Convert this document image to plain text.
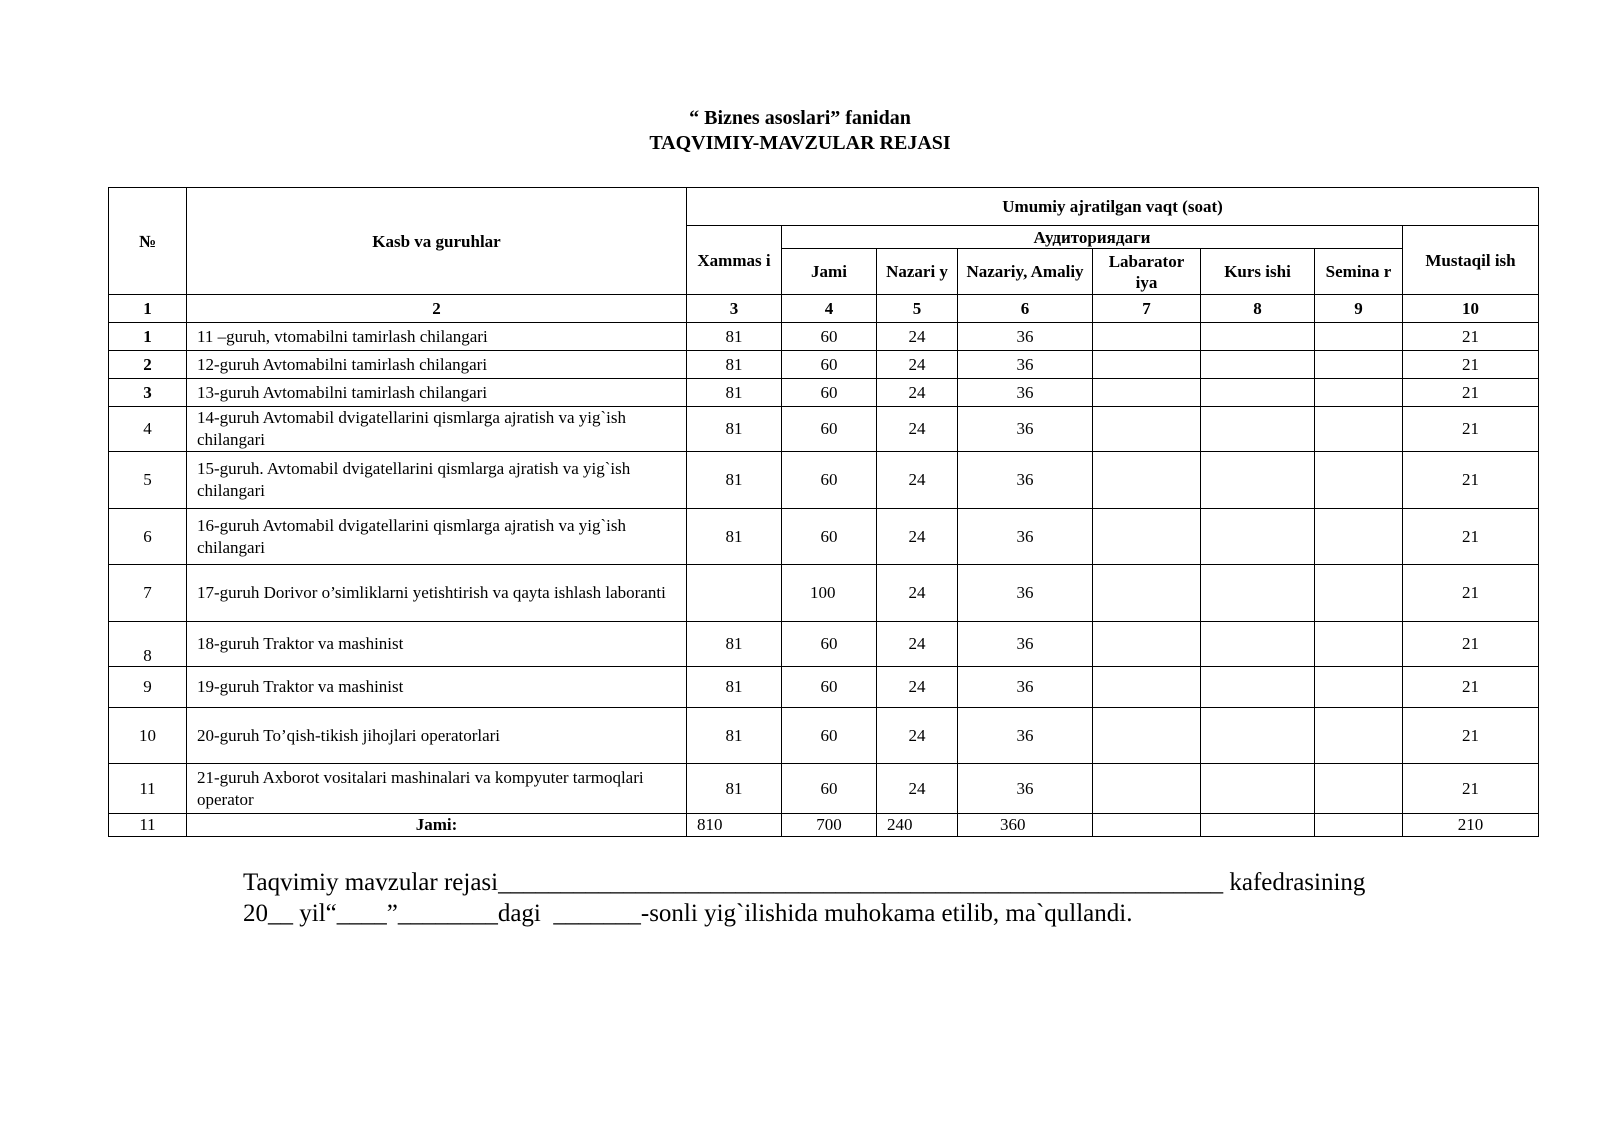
“ Biznes asoslari” fanidan
TAQVIMIY-MAVZULAR REJASI
№	Kasb va guruhlar	Umumiy ajratilgan vaqt (soat)							
		Xammas i	Аудиториядаги						Mustaqil ish
			Jami	Nazari y	Nazariy, Amaliy	Labarator iya	Kurs ishi	Semina r	
1	2	3	4	5	6	7	8	9	10
1	11 –guruh, vtomabilni tamirlash chilangari	81	60	24	36				21
2	12-guruh Avtomabilni tamirlash chilangari	81	60	24	36				21
3	13-guruh Avtomabilni tamirlash chilangari	81	60	24	36				21
4	14-guruh Avtomabil dvigatellarini qismlarga ajratish va yig`ish chilangari	81	60	24	36				21
5	15-guruh. Avtomabil dvigatellarini qismlarga ajratish va yig`ish chilangari	81	60	24	36				21
6	16-guruh Avtomabil dvigatellarini qismlarga ajratish va yig`ish chilangari	81	60	24	36				21
7	17-guruh Dorivor o’simliklarni yetishtirish va qayta ishlash laboranti		100	24	36				21
8	18-guruh Traktor va mashinist	81	60	24	36				21
9	19-guruh Traktor va mashinist	81	60	24	36				21
10	20-guruh To’qish-tikish jihojlari operatorlari	81	60	24	36				21
11	21-guruh Axborot vositalari mashinalari va kompyuter tarmoqlari operator	81	60	24	36				21
11	Jami:	810	700	240	360				210
Taqvimiy mavzular rejasi__________________________________________________________ kafedrasining
20__ yil“____”________dagi  _______-sonli yig`ilishida muhokama etilib, ma`qullandi.
